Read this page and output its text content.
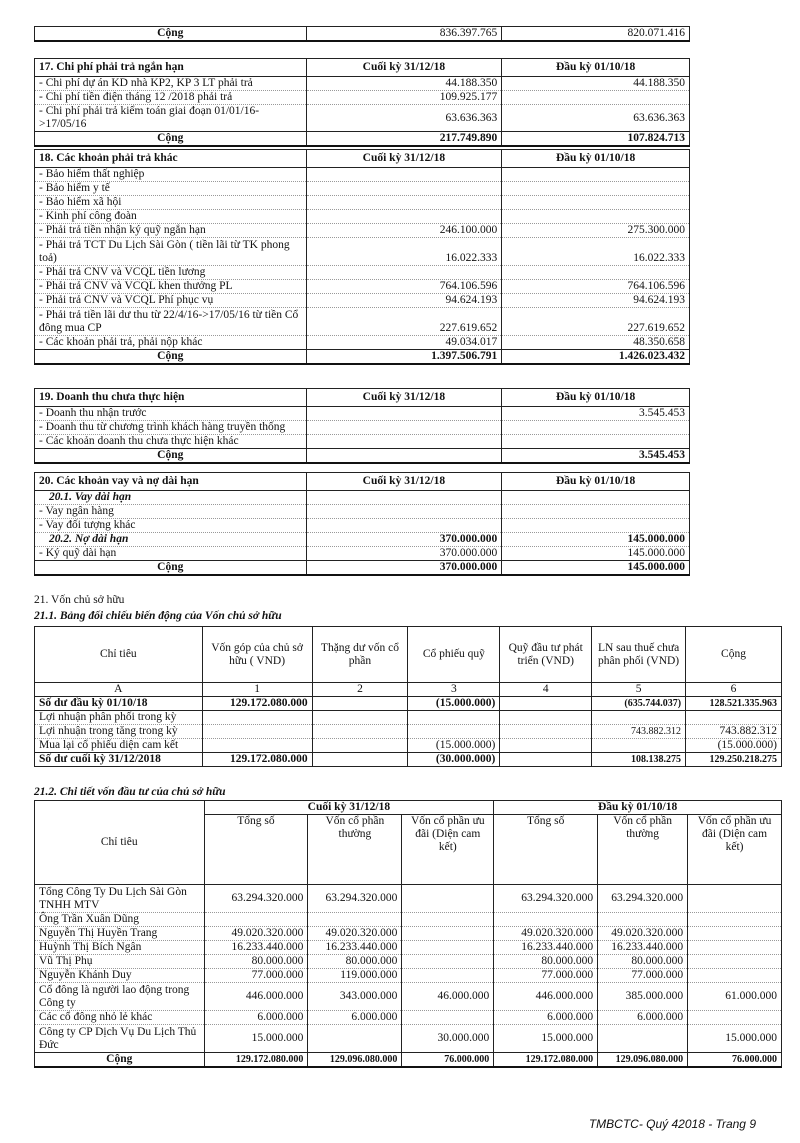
Cộng	836.397.765	820.071.416
17. Chi phí phải trả ngắn hạn	Cuối kỳ 31/12/18	Đầu kỳ 01/10/18
- Chi phí dự án KD nhà KP2, KP 3 LT phải trả	44.188.350	44.188.350
- Chi phí tiền điện tháng 12 /2018 phải trả	109.925.177	
- Chi phí phải trả kiểm toán giai đoạn 01/01/16->17/05/16	63.636.363	63.636.363
Cộng	217.749.890	107.824.713
18. Các khoản phải trả khác	Cuối kỳ 31/12/18	Đầu kỳ 01/10/18
- Bảo hiểm thất nghiệp		
- Bảo hiểm y tế		
- Bảo hiểm xã hội		
- Kinh phí công đoàn		
- Phải trả tiền nhận ký quỹ ngắn hạn	246.100.000	275.300.000
- Phải trả TCT Du Lịch Sài Gòn ( tiền lãi từ TK phong toả)	16.022.333	16.022.333
- Phải trả CNV và VCQL tiền lương		
- Phải trả CNV và VCQL khen thưởng PL	764.106.596	764.106.596
- Phải trả CNV và VCQL Phí phục vụ	94.624.193	94.624.193
- Phải trả tiền lãi dư thu từ 22/4/16->17/05/16 từ tiền Cổ đông mua CP	227.619.652	227.619.652
- Các khoản phải trả, phải nộp khác	49.034.017	48.350.658
Cộng	1.397.506.791	1.426.023.432
19. Doanh thu chưa thực hiện	Cuối kỳ 31/12/18	Đầu kỳ 01/10/18
- Doanh thu nhận trước		3.545.453
- Doanh thu từ chương trình khách hàng truyền thống		
- Các khoản doanh thu chưa thực hiện khác		
Cộng		3.545.453
20. Các khoản vay và nợ dài hạn	Cuối kỳ 31/12/18	Đầu kỳ 01/10/18
20.1. Vay dài hạn		
- Vay ngân hàng		
- Vay đối tượng khác		
20.2. Nợ dài hạn	370.000.000	145.000.000
- Ký quỹ dài hạn	370.000.000	145.000.000
Cộng	370.000.000	145.000.000
21. Vốn chủ sở hữu
21.1. Bảng đối chiếu biến động của Vốn chủ sở hữu
Chỉ tiêu	Vốn góp của chủ sở hữu ( VND)	Thặng dư vốn cổ phần	Cổ phiếu quỹ	Quỹ đầu tư phát triển (VND)	LN sau thuế chưa phân phối (VND)	Cộng
A	1	2	3	4	5	6
Số dư đầu kỳ 01/10/18	129.172.080.000		(15.000.000)		(635.744.037)	128.521.335.963
Lợi nhuận phân phối trong kỳ						
Lợi nhuận trong tăng trong kỳ					743.882.312	743.882.312
Mua lại cổ phiếu diện cam kết			(15.000.000)			(15.000.000)
Số dư cuối kỳ 31/12/2018	129.172.080.000		(30.000.000)		108.138.275	129.250.218.275
21.2. Chi tiết vốn đầu tư của chủ sở hữu
Chỉ tiêu	Cuối kỳ 31/12/18			Đầu kỳ 01/10/18		
	Tổng số	Vốn cổ phần thường	Vốn cổ phần ưu đãi (Diện cam kết)	Tổng số	Vốn cổ phần thường	Vốn cổ phần ưu đãi (Diện cam kết)
Tổng Công Ty Du Lịch Sài Gòn TNHH MTV	63.294.320.000	63.294.320.000		63.294.320.000	63.294.320.000	
Ông Trần Xuân Dũng						
Nguyễn Thị Huyền Trang	49.020.320.000	49.020.320.000		49.020.320.000	49.020.320.000	
Huỳnh Thị Bích Ngân	16.233.440.000	16.233.440.000		16.233.440.000	16.233.440.000	
Vũ Thị Phụ	80.000.000	80.000.000		80.000.000	80.000.000	
Nguyễn Khánh Duy	77.000.000	119.000.000		77.000.000	77.000.000	
Cổ đông là người lao động trong Công ty	446.000.000	343.000.000	46.000.000	446.000.000	385.000.000	61.000.000
Các cổ đông nhỏ lẻ khác	6.000.000	6.000.000		6.000.000	6.000.000	
Công ty CP Dịch Vụ Du Lịch Thủ Đức	15.000.000		30.000.000	15.000.000		15.000.000
Cộng	129.172.080.000	129.096.080.000	76.000.000	129.172.080.000	129.096.080.000	76.000.000
TMBCTC- Quý 42018 - Trang 9
